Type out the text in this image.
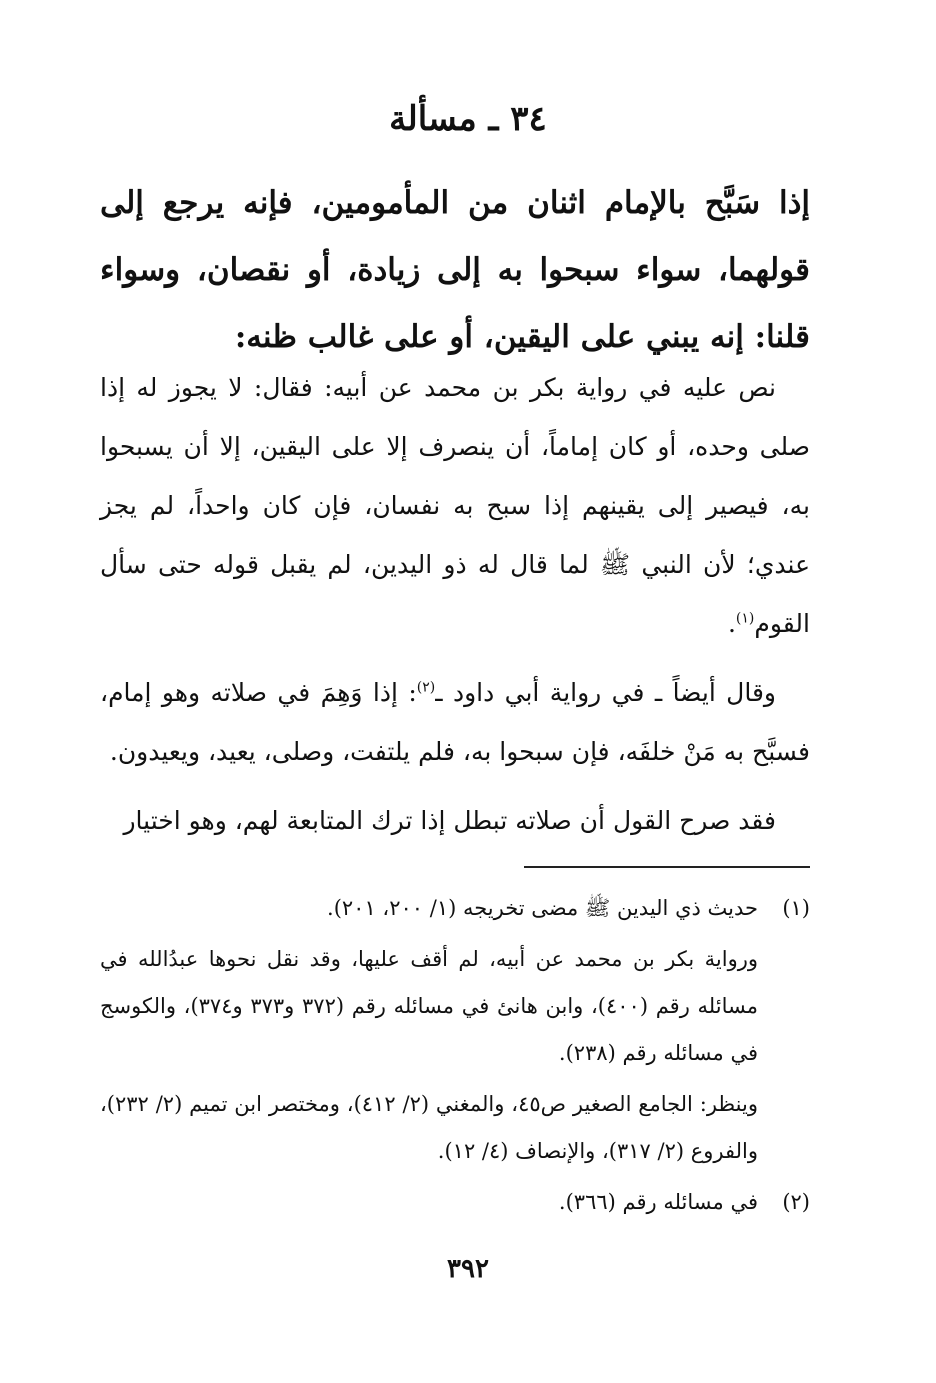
٣٤ ـ مسألة
إذا سَبَّح بالإمام اثنان من المأمومين، فإنه يرجع إلى قولهما، سواء سبحوا به إلى زيادة، أو نقصان، وسواء قلنا: إنه يبني على اليقين، أو على غالب ظنه:

نص عليه في رواية بكر بن محمد عن أبيه: فقال: لا يجوز له إذا صلى وحده، أو كان إماماً، أن ينصرف إلا على اليقين، إلا أن يسبحوا به، فيصير إلى يقينهم إذا سبح به نفسان، فإن كان واحداً، لم يجز عندي؛ لأن النبي ﷺ لما قال له ذو اليدين، لم يقبل قوله حتى سأل القوم$^{(١)}$.

وقال أيضاً ـ في رواية أبي داود ـ$^{(٢)}$: إذا وَهِمَ في صلاته وهو إمام، فسبَّح به مَنْ خلفَه، فإن سبحوا به، فلم يلتفت، وصلى، يعيد، ويعيدون.

فقد صرح القول أن صلاته تبطل إذا ترك المتابعة لهم، وهو اختيار

(١)

حديث ذي اليدين ﷺ مضى تخريجه (١/ ٢٠٠، ٢٠١).

ورواية بكر بن محمد عن أبيه، لم أقف عليها، وقد نقل نحوها عبدُالله في مسائله رقم (٤٠٠)، وابن هانئ في مسائله رقم (٣٧٢ و٣٧٣ و٣٧٤)، والكوسج في مسائله رقم (٢٣٨).

وينظر: الجامع الصغير ص٤٥، والمغني (٢/ ٤١٢)، ومختصر ابن تميم (٢/ ٢٣٢)، والفروع (٢/ ٣١٧)، والإنصاف (٤/ ١٢).

(٢)

في مسائله رقم (٣٦٦).

٣٩٢
